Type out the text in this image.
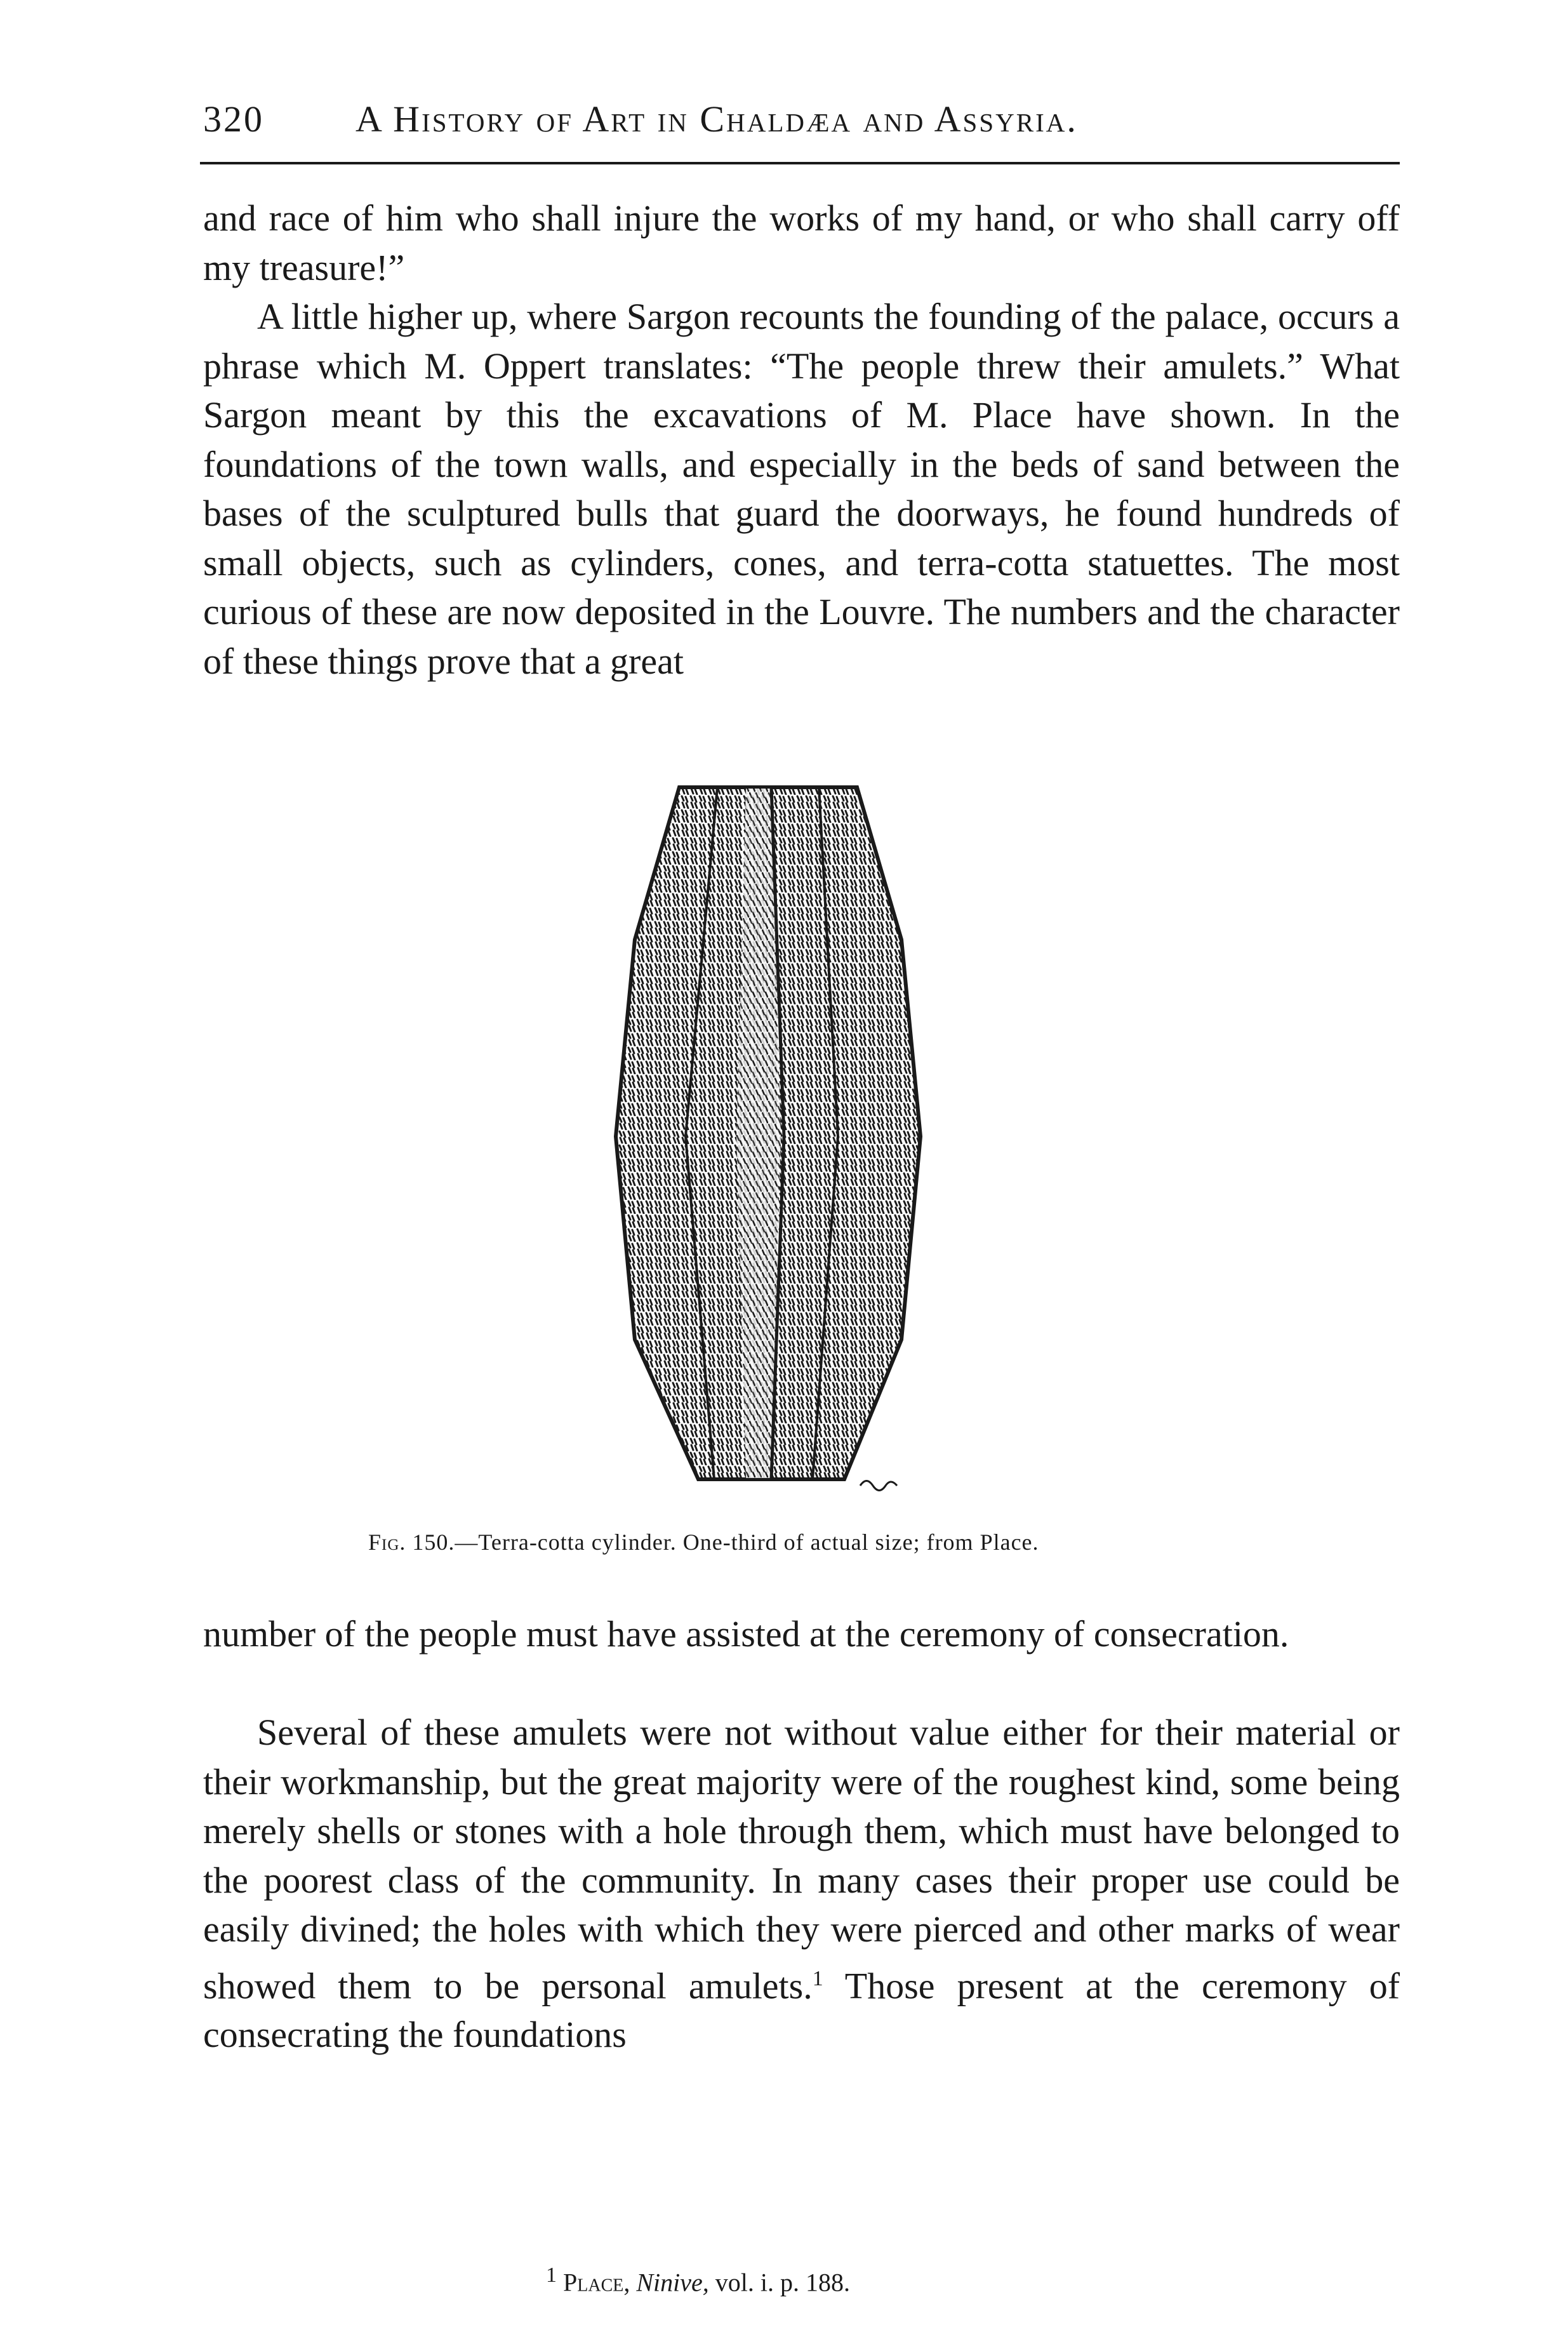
320 A History of Art in Chaldæa and Assyria.

and race of him who shall injure the works of my hand, or who shall carry off my treasure!”

A little higher up, where Sargon recounts the founding of the palace, occurs a phrase which M. Oppert translates: “The people threw their amulets.” What Sargon meant by this the excavations of M. Place have shown. In the foundations of the town walls, and especially in the beds of sand between the bases of the sculptured bulls that guard the doorways, he found hundreds of small objects, such as cylinders, cones, and terra-cotta statuettes. The most curious of these are now deposited in the Louvre. The numbers and the character of these things prove that a great

Fig. 150.—Terra-cotta cylinder. One-third of actual size; from Place.

number of the people must have assisted at the ceremony of consecration.

Several of these amulets were not without value either for their material or their workmanship, but the great majority were of the roughest kind, some being merely shells or stones with a hole through them, which must have belonged to the poorest class of the community. In many cases their proper use could be easily divined; the holes with which they were pierced and other marks of wear showed them to be personal amulets.$^1$ Those present at the ceremony of consecrating the foundations

$^1$ Place, Ninive, vol. i. p. 188.
